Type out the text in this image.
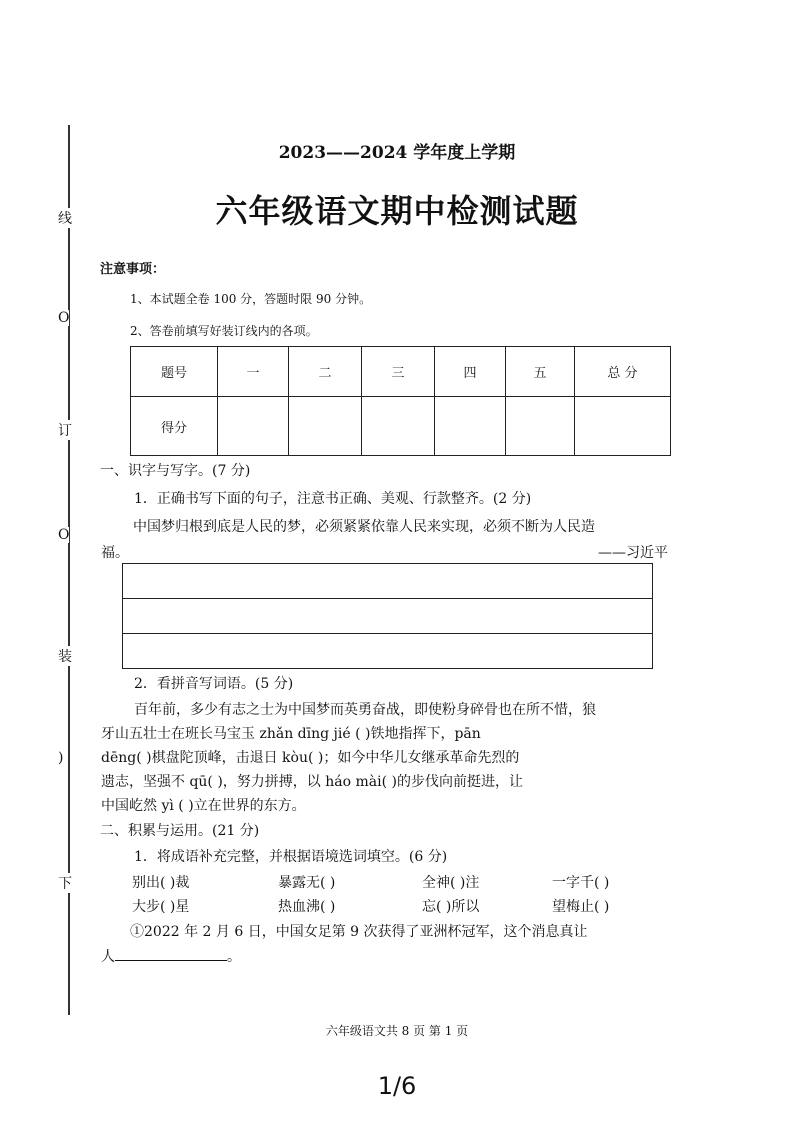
线
O
订
O
装
)
下
2023——2024 学年度上学期
六年级语文期中检测试题
注意事项：
1、本试题全卷 100 分，答题时限 90 分钟。
2、答卷前填写好装订线内的各项。
题号	一	二	三	四	五	总 分
得分						
一、识字与写字。(7 分)
1．正确书写下面的句子，注意书正确、美观、行款整齐。(2 分)
中国梦归根到底是人民的梦，必须紧紧依靠人民来实现，必须不断为人民造
福。	——习近平
2．看拼音写词语。(5 分)
百年前，多少有志之士为中国梦而英勇奋战，即使粉身碎骨也在所不惜，狼
牙山五壮士在班长马宝玉 zhǎn dīng jié ( )铁地指挥下，pān
dēng( )棋盘陀顶峰，击退日 kòu( )；如今中华儿女继承革命先烈的
遗志，坚强不 qū( )，努力拼搏，以 háo mài( )的步伐向前挺进，让
中国屹然 yì ( )立在世界的东方。
二、积累与运用。(21 分)
1．将成语补充完整，并根据语境选词填空。(6 分)
别出( )裁	暴露无( )	全神( )注	一字千( )
大步( )星	热血沸( )	忘( )所以	望梅止( )
①2022 年 2 月 6 日，中国女足第 9 次获得了亚洲杯冠军，这个消息真让
人	。
六年级语文共 8 页 第 1 页
1/6
